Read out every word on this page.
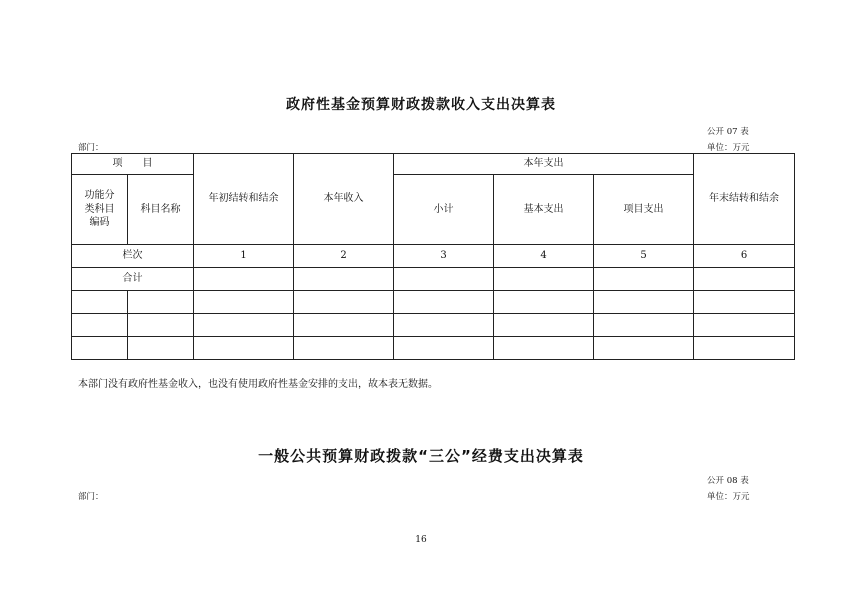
政府性基金预算财政拨款收入支出决算表
公开 07 表
部门：	单位：万元
项　　目		年初结转和结余	本年收入	本年支出			年末结转和结余

功能分类科目编码	科目名称			小计	基本支出	项目支出	
栏次		1	2	3	4	5	6
合计							

本部门没有政府性基金收入，也没有使用政府性基金安排的支出，故本表无数据。
一般公共预算财政拨款“三公”经费支出决算表
公开 08 表
部门：	单位：万元
16
